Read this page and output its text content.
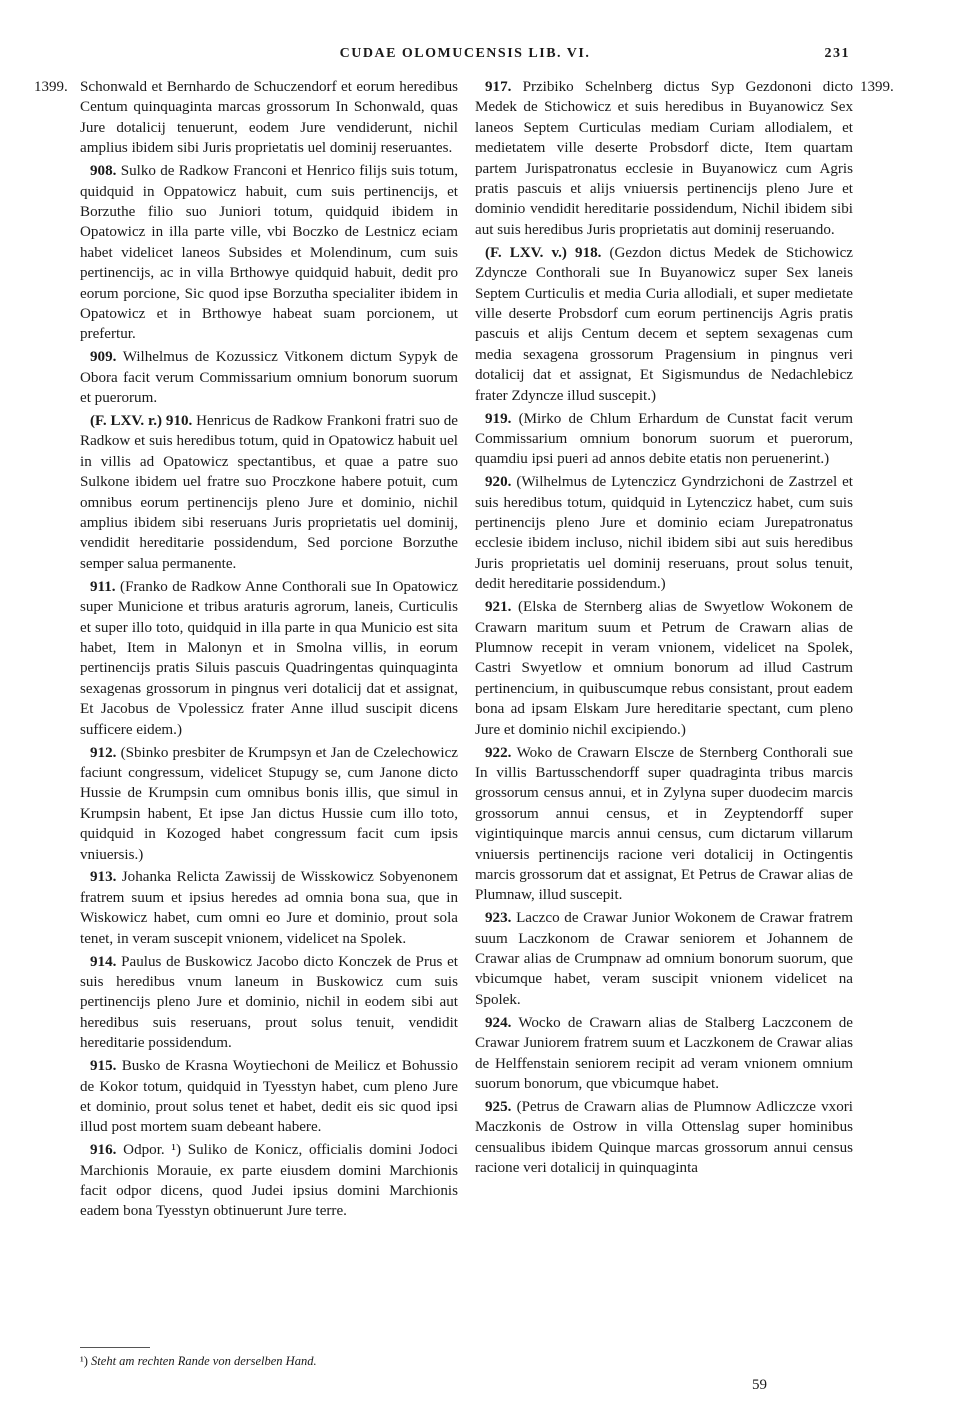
CUDAE OLOMUCENSIS LIB. VI.	231
1399.	1399.

Schonwald et Bernhardo de Schuczendorf et eorum heredibus Centum quinquaginta marcas grossorum In Schonwald, quas Jure dotalicij tenuerunt, eodem Jure vendiderunt, nichil amplius ibidem sibi Juris proprietatis uel dominij reseruantes.

908. Sulko de Radkow Franconi et Henrico filijs suis totum, quidquid in Oppatowicz habuit, cum suis pertinencijs, et Borzuthe filio suo Juniori totum, quidquid ibidem in Opatowicz in illa parte ville, vbi Boczko de Lestnicz eciam habet videlicet laneos Subsides et Molendinum, cum suis pertinencijs, ac in villa Brthowye quidquid habuit, dedit pro eorum porcione, Sic quod ipse Borzutha specialiter ibidem in Opatowicz et in Brthowye habeat suam porcionem, ut prefertur.

909. Wilhelmus de Kozussicz Vitkonem dictum Sypyk de Obora facit verum Commissarium omnium bonorum suorum et puerorum.

(F. LXV. r.) 910. Henricus de Radkow Frankoni fratri suo de Radkow et suis heredibus totum, quid in Opatowicz habuit uel in villis ad Opatowicz spectantibus, et quae a patre suo Sulkone ibidem uel fratre suo Proczkone habere potuit, cum omnibus eorum pertinencijs pleno Jure et dominio, nichil amplius ibidem sibi reseruans Juris proprietatis uel dominij, vendidit hereditarie possidendum, Sed porcione Borzuthe semper salua permanente.

911. (Franko de Radkow Anne Conthorali sue In Opatowicz super Municione et tribus araturis agrorum, laneis, Curticulis et super illo toto, quidquid in illa parte in qua Municio est sita habet, Item in Malonyn et in Smolna villis, in eorum pertinencijs pratis Siluis pascuis Quadringentas quinquaginta sexagenas grossorum in pingnus veri dotalicij dat et assignat, Et Jacobus de Vpolessicz frater Anne illud suscipit dicens sufficere eidem.)

912. (Sbinko presbiter de Krumpsyn et Jan de Czelechowicz faciunt congressum, videlicet Stupugy se, cum Janone dicto Hussie de Krumpsin cum omnibus bonis illis, que simul in Krumpsin habent, Et ipse Jan dictus Hussie cum illo toto, quidquid in Kozoged habet congressum facit cum ipsis vniuersis.)

913. Johanka Relicta Zawissij de Wisskowicz Sobyenonem fratrem suum et ipsius heredes ad omnia bona sua, que in Wiskowicz habet, cum omni eo Jure et dominio, prout sola tenet, in veram suscepit vnionem, videlicet na Spolek.

914. Paulus de Buskowicz Jacobo dicto Konczek de Prus et suis heredibus vnum laneum in Buskowicz cum suis pertinencijs pleno Jure et dominio, nichil in eodem sibi aut heredibus suis reseruans, prout solus tenuit, vendidit hereditarie possidendum.

915. Busko de Krasna Woytiechoni de Meilicz et Bohussio de Kokor totum, quidquid in Tyesstyn habet, cum pleno Jure et dominio, prout solus tenet et habet, dedit eis sic quod ipsi illud post mortem suam debeant habere.

916. Odpor. ¹) Suliko de Konicz, officialis domini Jodoci Marchionis Morauie, ex parte eiusdem domini Marchionis facit odpor dicens, quod Judei ipsius domini Marchionis eadem bona Tyesstyn obtinuerunt Jure terre.

917. Przibiko Schelnberg dictus Syp Gezdononi dicto Medek de Stichowicz et suis heredibus in Buyanowicz Sex laneos Septem Curticulas mediam Curiam allodialem, et medietatem ville deserte Probsdorf dicte, Item quartam partem Jurispatronatus ecclesie in Buyanowicz cum Agris pratis pascuis et alijs vniuersis pertinencijs pleno Jure et dominio vendidit hereditarie possidendum, Nichil ibidem sibi aut suis heredibus Juris proprietatis aut dominij reseruando.

(F. LXV. v.) 918. (Gezdon dictus Medek de Stichowicz Zdyncze Conthorali sue In Buyanowicz super Sex laneis Septem Curticulis et media Curia allodiali, et super medietate ville deserte Probsdorf cum eorum pertinencijs Agris pratis pascuis et alijs Centum decem et septem sexagenas cum media sexagena grossorum Pragensium in pingnus veri dotalicij dat et assignat, Et Sigismundus de Nedachlebicz frater Zdyncze illud suscepit.)

919. (Mirko de Chlum Erhardum de Cunstat facit verum Commissarium omnium bonorum suorum et puerorum, quamdiu ipsi pueri ad annos debite etatis non peruenerint.)

920. (Wilhelmus de Lytenczicz Gyndrzichoni de Zastrzel et suis heredibus totum, quidquid in Lytenczicz habet, cum suis pertinencijs pleno Jure et dominio eciam Jurepatronatus ecclesie ibidem incluso, nichil ibidem sibi aut suis heredibus Juris proprietatis uel dominij reseruans, prout solus tenuit, dedit hereditarie possidendum.)

921. (Elska de Sternberg alias de Swyetlow Wokonem de Crawarn maritum suum et Petrum de Crawarn alias de Plumnow recepit in veram vnionem, videlicet na Spolek, Castri Swyetlow et omnium bonorum ad illud Castrum pertinencium, in quibuscumque rebus consistant, prout eadem bona ad ipsam Elskam Jure hereditarie spectant, cum pleno Jure et dominio nichil excipiendo.)

922. Woko de Crawarn Elscze de Sternberg Conthorali sue In villis Bartusschendorff super quadraginta tribus marcis grossorum census annui, et in Zylyna super duodecim marcis grossorum annui census, et in Zeyptendorff super vigintiquinque marcis annui census, cum dictarum villarum vniuersis pertinencijs racione veri dotalicij in Octingentis marcis grossorum dat et assignat, Et Petrus de Crawar alias de Plumnaw, illud suscepit.

923. Laczco de Crawar Junior Wokonem de Crawar fratrem suum Laczkonom de Crawar seniorem et Johannem de Crawar alias de Crumpnaw ad omnium bonorum suorum, que vbicumque habet, veram suscipit vnionem videlicet na Spolek.

924. Wocko de Crawarn alias de Stalberg Laczconem de Crawar Juniorem fratrem suum et Laczkonem de Crawar alias de Helffenstain seniorem recipit ad veram vnionem omnium suorum bonorum, que vbicumque habet.

925. (Petrus de Crawarn alias de Plumnow Adliczcze vxori Maczkonis de Ostrow in villa Ottenslag super hominibus censualibus ibidem Quinque marcas grossorum annui census racione veri dotalicij in quinquaginta

¹) Steht am rechten Rande von derselben Hand.
59
